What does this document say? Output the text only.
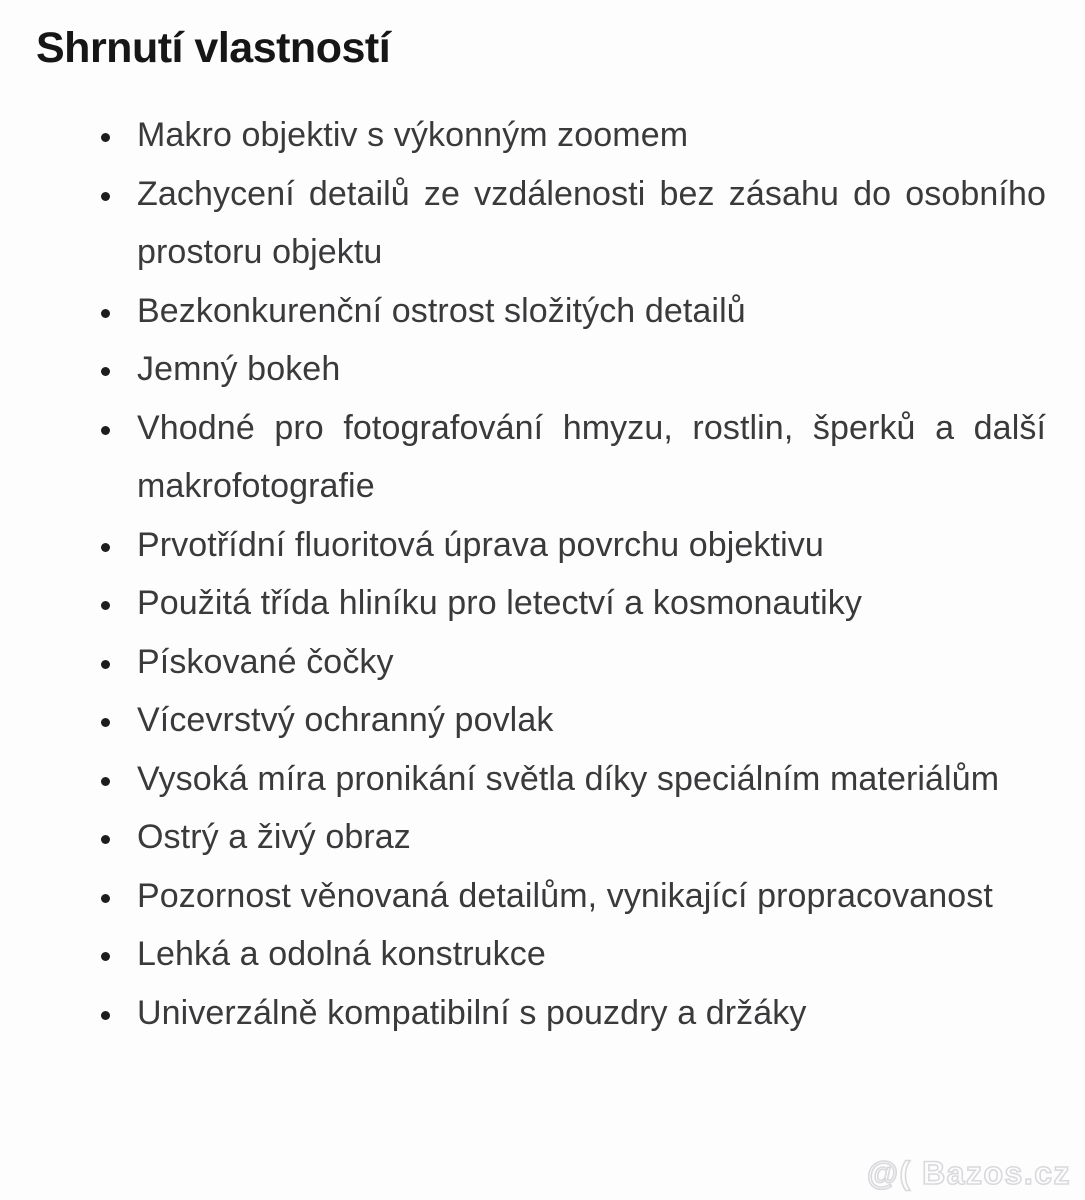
Shrnutí vlastností
Makro objektiv s výkonným zoomem
Zachycení detailů ze vzdálenosti bez zásahu do osobního prostoru objektu
Bezkonkurenční ostrost složitých detailů
Jemný bokeh
Vhodné pro fotografování hmyzu, rostlin, šperků a další makrofotografie
Prvotřídní fluoritová úprava povrchu objektivu
Použitá třída hliníku pro letectví a kosmonautiky
Pískované čočky
Vícevrstvý ochranný povlak
Vysoká míra pronikání světla díky speciálním materiálům
Ostrý a živý obraz
Pozornost věnovaná detailům, vynikající propracovanost
Lehká a odolná konstrukce
Univerzálně kompatibilní s pouzdry a držáky
@( Bazos.cz
